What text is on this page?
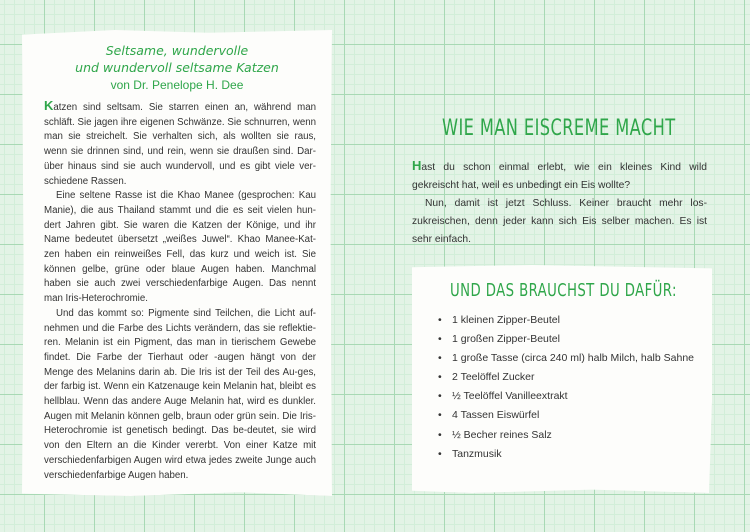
Seltsame, wundervolle
und wundervoll seltsame Katzen
von Dr. Penelope H. Dee

Katzen sind seltsam. Sie starren einen an, während man schläft. Sie jagen ihre eigenen Schwänze. Sie schnurren, wenn man sie streichelt. Sie verhalten sich, als wollten sie raus, wenn sie drinnen sind, und rein, wenn sie draußen sind. Dar-über hinaus sind sie auch wundervoll, und es gibt viele ver-schiedene Rassen.

Eine seltene Rasse ist die Khao Manee (gesprochen: Kau Manie), die aus Thailand stammt und die es seit vielen hun-dert Jahren gibt. Sie waren die Katzen der Könige, und ihr Name bedeutet übersetzt „weißes Juwel“. Khao Manee-Kat-zen haben ein reinweißes Fell, das kurz und weich ist. Sie können gelbe, grüne oder blaue Augen haben. Manchmal haben sie auch zwei verschiedenfarbige Augen. Das nennt man Iris-Heterochromie.

Und das kommt so: Pigmente sind Teilchen, die Licht auf-nehmen und die Farbe des Lichts verändern, das sie reflektie-ren. Melanin ist ein Pigment, das man in tierischem Gewebe findet. Die Farbe der Tierhaut oder -augen hängt von der Menge des Melanins darin ab. Die Iris ist der Teil des Au-ges, der farbig ist. Wenn ein Katzenauge kein Melanin hat, bleibt es hellblau. Wenn das andere Auge Melanin hat, wird es dunkler. Augen mit Melanin können gelb, braun oder grün sein. Die Iris-Heterochromie ist genetisch bedingt. Das be-deutet, sie wird von den Eltern an die Kinder vererbt. Von einer Katze mit verschiedenfarbigen Augen wird etwa jedes zweite Junge auch verschiedenfarbige Augen haben.

WIE MAN EISCREME MACHT

Hast du schon einmal erlebt, wie ein kleines Kind wild gekreischt hat, weil es unbedingt ein Eis wollte?

Nun, damit ist jetzt Schluss. Keiner braucht mehr los-zukreischen, denn jeder kann sich Eis selber machen. Es ist sehr einfach.

UND DAS BRAUCHST DU DAFÜR:
• 1 kleinen Zipper-Beutel
• 1 großen Zipper-Beutel
• 1 große Tasse (circa 240 ml) halb Milch, halb Sahne
• 2 Teelöffel Zucker
• ½ Teelöffel Vanilleextrakt
• 4 Tassen Eiswürfel
• ½ Becher reines Salz
• Tanzmusik
